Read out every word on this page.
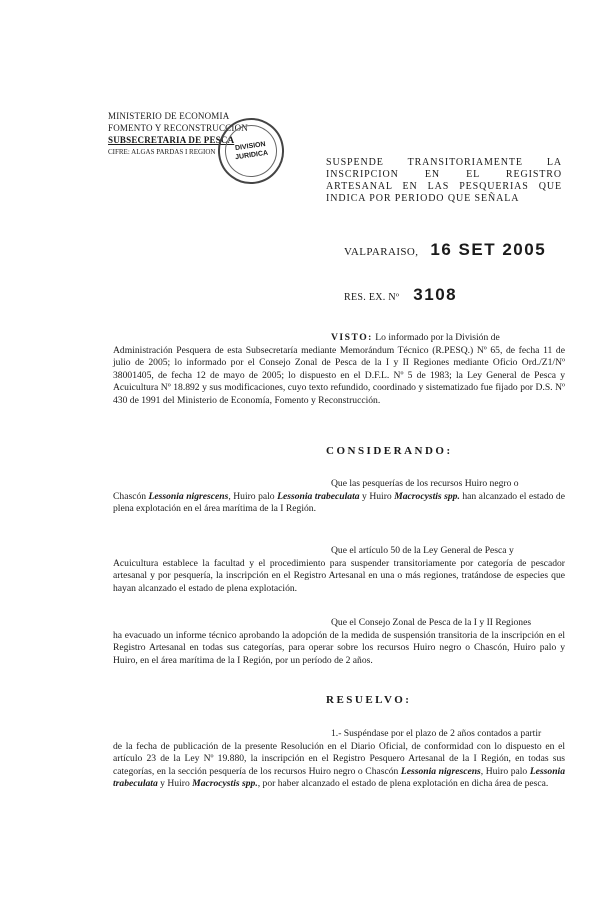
MINISTERIO DE ECONOMIA
FOMENTO Y RECONSTRUCCION
SUBSECRETARIA DE PESCA
CIFRE: ALGAS PARDAS I REGION	DIVISION
JURIDICA
SUSPENDE TRANSITORIAMENTE LA INSCRIPCION EN EL REGISTRO ARTESANAL EN LAS PESQUERIAS QUE INDICA POR PERIODO QUE SEÑALA
VALPARAISO, 16 SET 2005
RES. EX. Nº 3108
VISTO: Lo informado por la División de
Administración Pesquera de esta Subsecretaría mediante Memorándum Técnico (R.PESQ.) Nº 65, de fecha 11 de julio de 2005; lo informado por el Consejo Zonal de Pesca de la I y II Regiones mediante Oficio Ord./Z1/Nº 38001405, de fecha 12 de mayo de 2005; lo dispuesto en el D.F.L. Nº 5 de 1983; la Ley General de Pesca y Acuicultura Nº 18.892 y sus modificaciones, cuyo texto refundido, coordinado y sistematizado fue fijado por D.S. Nº 430 de 1991 del Ministerio de Economía, Fomento y Reconstrucción.
CONSIDERANDO:
Que las pesquerías de los recursos Huiro negro o
Chascón Lessonia nigrescens, Huiro palo Lessonia trabeculata y Huiro Macrocystis spp. han alcanzado el estado de plena explotación en el área marítima de la I Región.
Que el artículo 50 de la Ley General de Pesca y
Acuicultura establece la facultad y el procedimiento para suspender transitoriamente por categoría de pescador artesanal y por pesquería, la inscripción en el Registro Artesanal en una o más regiones, tratándose de especies que hayan alcanzado el estado de plena explotación.
Que el Consejo Zonal de Pesca de la I y II Regiones
ha evacuado un informe técnico aprobando la adopción de la medida de suspensión transitoria de la inscripción en el Registro Artesanal en todas sus categorías, para operar sobre los recursos Huiro negro o Chascón, Huiro palo y Huiro, en el área marítima de la I Región, por un período de 2 años.
RESUELVO:
1.- Suspéndase por el plazo de 2 años contados a partir
de la fecha de publicación de la presente Resolución en el Diario Oficial, de conformidad con lo dispuesto en el artículo 23 de la Ley Nº 19.880, la inscripción en el Registro Pesquero Artesanal de la I Región, en todas sus categorías, en la sección pesquería de los recursos Huiro negro o Chascón Lessonia nigrescens, Huiro palo Lessonia trabeculata y Huiro Macrocystis spp., por haber alcanzado el estado de plena explotación en dicha área de pesca.
